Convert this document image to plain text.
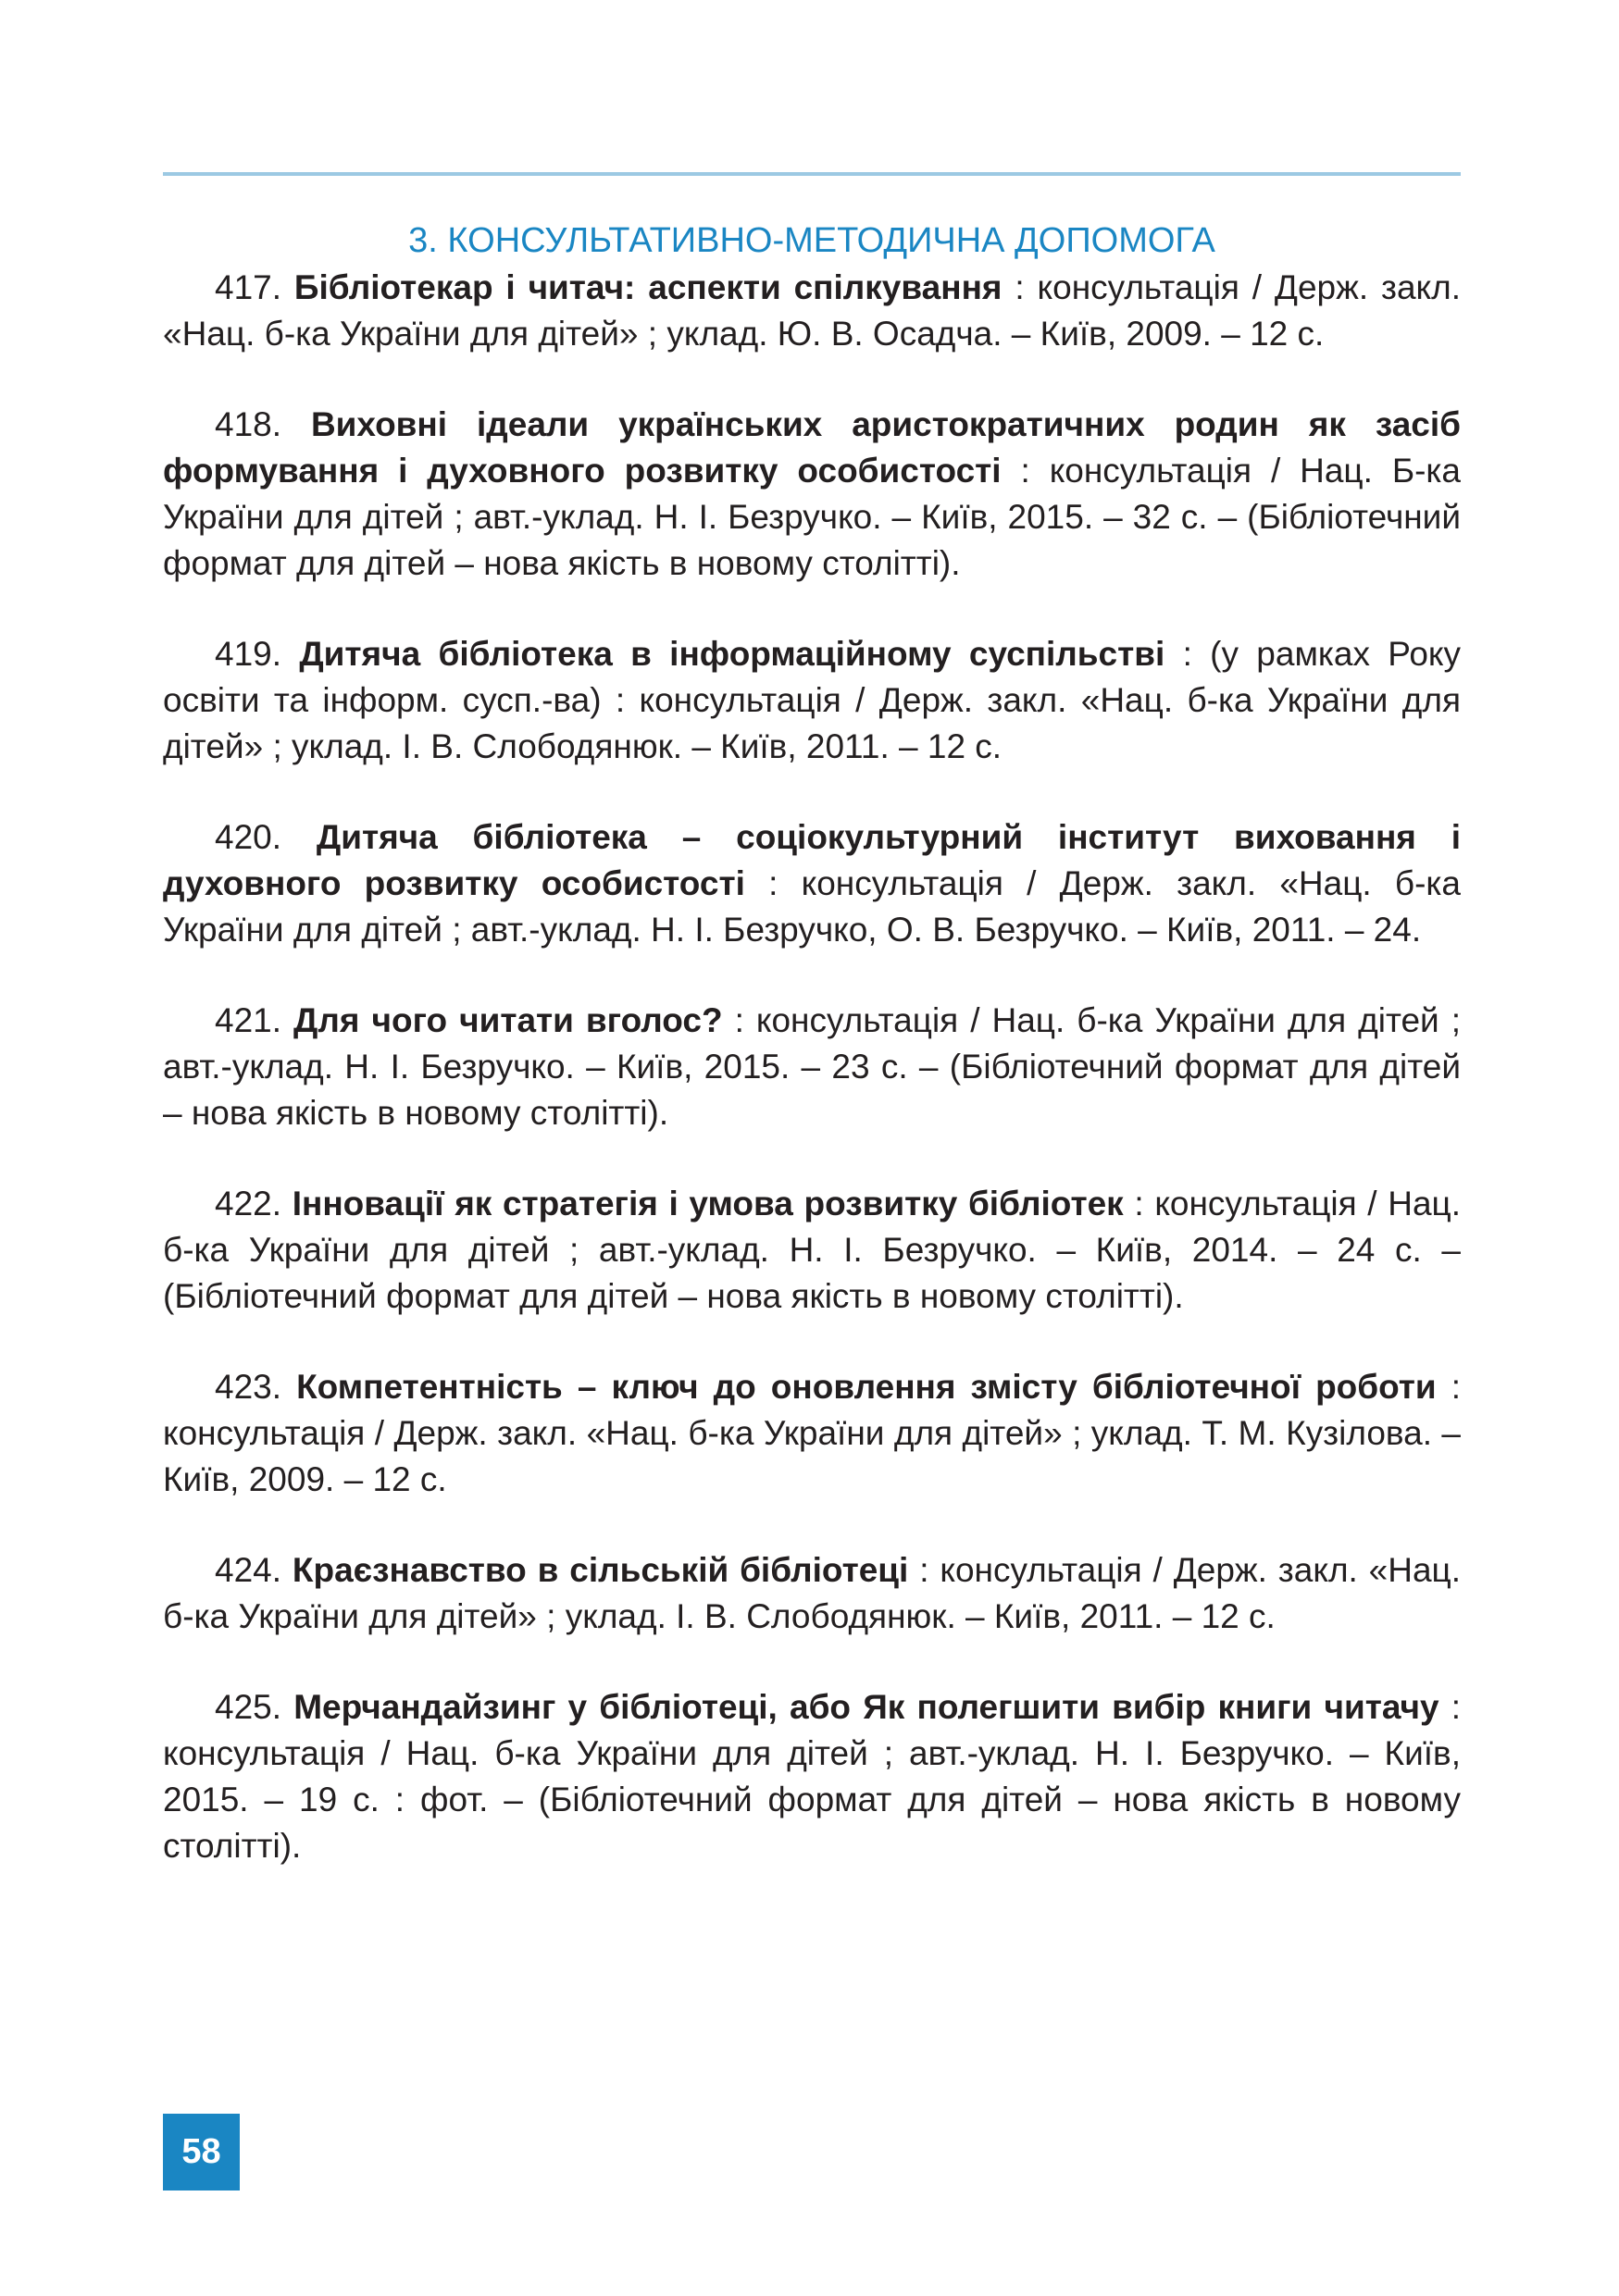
3. КОНСУЛЬТАТИВНО-МЕТОДИЧНА ДОПОМОГА

417. Бібліотекар і читач: аспекти спілкування : консультація / Держ. закл. «Нац. б-ка України для дітей» ; уклад. Ю. В. Осадча. – Київ, 2009. – 12 с.

418. Виховні ідеали українських аристократичних родин як засіб формування і духовного розвитку особистості : консультація / Нац. Б-ка України для дітей ; авт.-уклад. Н. І. Безручко. – Київ, 2015. – 32 с. – (Бібліотечний формат для дітей – нова якість в новому столітті).

419. Дитяча бібліотека в інформаційному суспільстві : (у рамках Року освіти та інформ. сусп.-ва) : консультація / Держ. закл. «Нац. б-ка України для дітей» ; уклад. І. В. Слободянюк. – Київ, 2011. – 12 с.

420. Дитяча бібліотека – соціокультурний інститут виховання і духовного розвитку особистості : консультація / Держ. закл. «Нац. б-ка України для дітей ; авт.-уклад. Н. І. Безручко, О. В. Безручко. – Київ, 2011. – 24.

421. Для чого читати вголос? : консультація / Нац. б-ка України для дітей ; авт.-уклад. Н. І. Безручко. – Київ, 2015. – 23 с. – (Бібліотечний формат для дітей – нова якість в новому столітті).

422. Інновації як стратегія і умова розвитку бібліотек : консультація / Нац. б-ка України для дітей ; авт.-уклад. Н. І. Безручко. – Київ, 2014. – 24 с. – (Бібліотечний формат для дітей – нова якість в новому столітті).

423. Компетентність – ключ до оновлення змісту бібліотечної роботи : консультація / Держ. закл. «Нац. б-ка України для дітей» ; уклад. Т. М. Кузілова. – Київ, 2009. – 12 с.

424. Краєзнавство в сільській бібліотеці : консультація / Держ. закл. «Нац. б-ка України для дітей» ; уклад. І. В. Слободянюк. – Київ, 2011. – 12 с.

425. Мерчандайзинг у бібліотеці, або Як полегшити вибір книги читачу : консультація / Нац. б-ка України для дітей ; авт.-уклад. Н. І. Безручко. – Київ, 2015. – 19 с. : фот. – (Бібліотечний формат для дітей – нова якість в новому столітті).

58
